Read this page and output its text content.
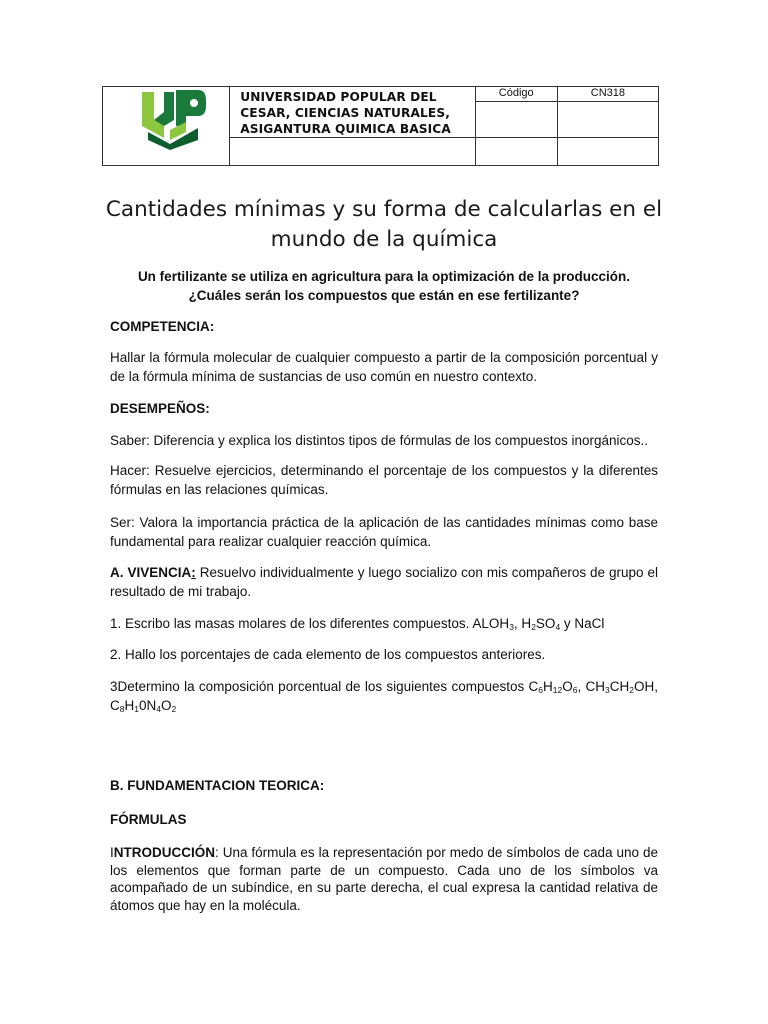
	UNIVERSIDAD POPULAR DEL CESAR, CIENCIAS NATURALES, ASIGANTURA QUIMICA BASICA	Código	CN318

Cantidades mínimas y su forma de calcularlas en el mundo de la química
Un fertilizante se utiliza en agricultura para la optimización de la producción. ¿Cuáles serán los compuestos que están en ese fertilizante?
COMPETENCIA:
Hallar la fórmula molecular de cualquier compuesto a partir de la composición porcentual y de la fórmula mínima de sustancias de uso común en nuestro contexto.
DESEMPEÑOS:
Saber: Diferencia y explica los distintos tipos de fórmulas de los compuestos inorgánicos..
Hacer: Resuelve ejercicios, determinando el porcentaje de los compuestos y la diferentes fórmulas en las relaciones químicas.
Ser: Valora la importancia práctica de la aplicación de las cantidades mínimas como base fundamental para realizar cualquier reacción química.
A. VIVENCIA: Resuelvo individualmente y luego socializo con mis compañeros de grupo el resultado de mi trabajo.
1. Escribo las masas molares de los diferentes compuestos. $ALOH_3$, $H_2SO_4$ y NaCl
2. Hallo los porcentajes de cada elemento de los compuestos anteriores.
3Determino la composición porcentual de los siguientes compuestos $C_6H_{12}O_6$, $CH_3CH_2OH$, $C_8H_10N_4O_2$
B. FUNDAMENTACION TEORICA:
FÓRMULAS
INTRODUCCIÓN: Una fórmula es la representación por medo de símbolos de cada uno de los elementos que forman parte de un compuesto. Cada uno de los símbolos va acompañado de un subíndice, en su parte derecha, el cual expresa la cantidad relativa de átomos que hay en la molécula.
